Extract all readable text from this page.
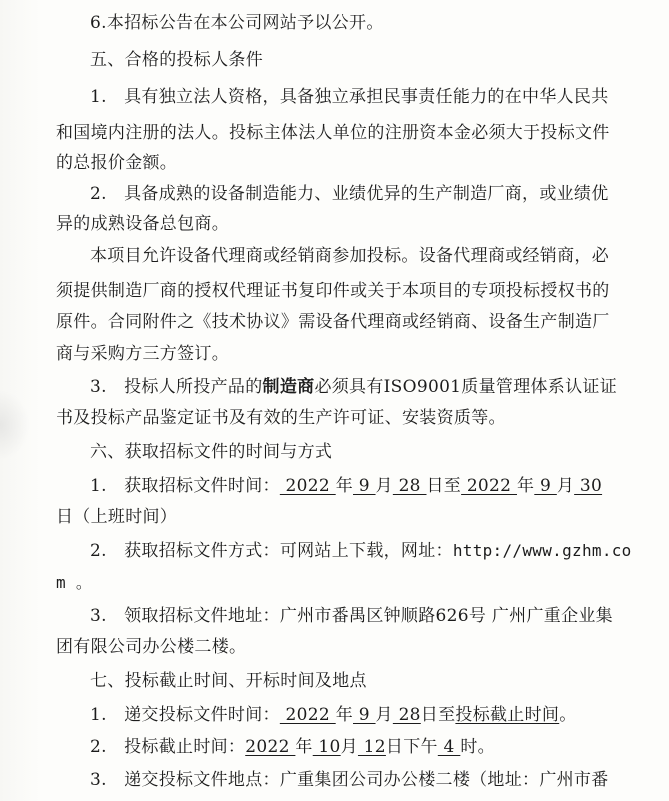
6.本招标公告在本公司网站予以公开。
五、合格的投标人条件
1.　具有独立法人资格，具备独立承担民事责任能力的在中华人民共
和国境内注册的法人。投标主体法人单位的注册资本金必须大于投标文件
的总报价金额。
2.　具备成熟的设备制造能力、业绩优异的生产制造厂商，或业绩优
异的成熟设备总包商。
本项目允许设备代理商或经销商参加投标。设备代理商或经销商，必
须提供制造厂商的授权代理证书复印件或关于本项目的专项投标授权书的
原件。合同附件之《技术协议》需设备代理商或经销商、设备生产制造厂
商与采购方三方签订。
3.　投标人所投产品的制造商必须具有ISO9001质量管理体系认证证
书及投标产品鉴定证书及有效的生产许可证、安装资质等。
六、获取招标文件的时间与方式
1.　获取招标文件时间： 2022 年 9 月 28 日至 2022 年 9 月 30
日（上班时间）
2.　获取招标文件方式：可网站上下载，网址：http://www.gzhm.co
m 。
3.　领取招标文件地址：广州市番禺区钟顺路626号 广州广重企业集
团有限公司办公楼二楼。
七、投标截止时间、开标时间及地点
1.　递交投标文件时间： 2022 年 9 月 28日至投标截止时间。
2.　投标截止时间：2022 年 10月 12日下午 4 时。
3.　递交投标文件地点：广重集团公司办公楼二楼（地址：广州市番
